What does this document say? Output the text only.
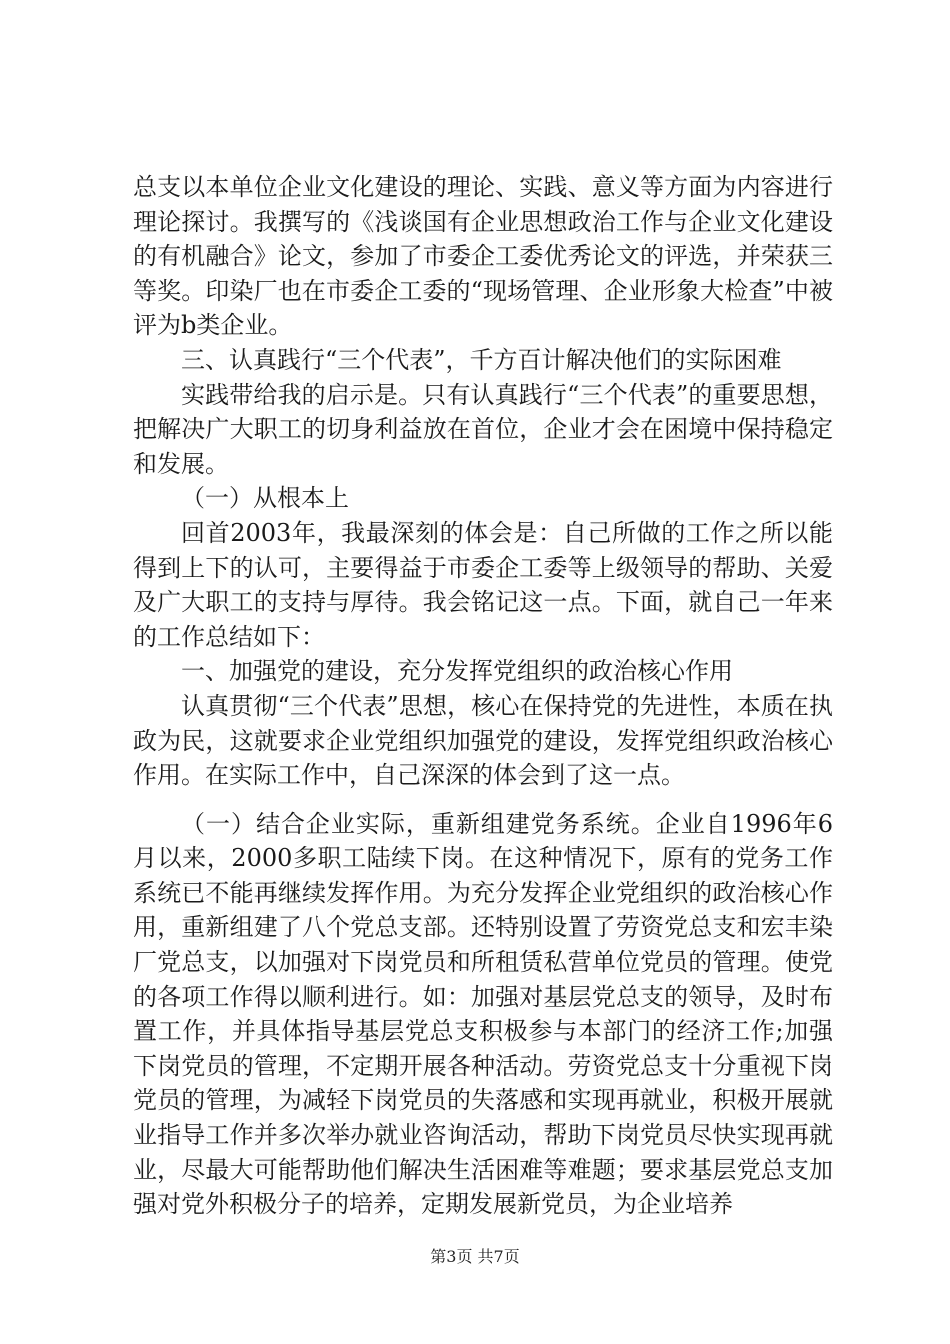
总支以本单位企业文化建设的理论、实践、意义等方面为内容进行理论探讨。我撰写的《浅谈国有企业思想政治工作与企业文化建设的有机融合》论文，参加了市委企工委优秀论文的评选，并荣获三等奖。印染厂也在市委企工委的“现场管理、企业形象大检查”中被评为b类企业。

三、认真践行“三个代表”，千方百计解决他们的实际困难

实践带给我的启示是。只有认真践行“三个代表”的重要思想，把解决广大职工的切身利益放在首位，企业才会在困境中保持稳定和发展。

（一）从根本上

回首2003年，我最深刻的体会是：自己所做的工作之所以能得到上下的认可，主要得益于市委企工委等上级领导的帮助、关爱及广大职工的支持与厚待。我会铭记这一点。下面，就自己一年来的工作总结如下：

一、加强党的建设，充分发挥党组织的政治核心作用

认真贯彻“三个代表”思想，核心在保持党的先进性，本质在执政为民，这就要求企业党组织加强党的建设，发挥党组织政治核心作用。在实际工作中，自己深深的体会到了这一点。

（一）结合企业实际，重新组建党务系统。企业自1996年6月以来，2000多职工陆续下岗。在这种情况下，原有的党务工作系统已不能再继续发挥作用。为充分发挥企业党组织的政治核心作用，重新组建了八个党总支部。还特别设置了劳资党总支和宏丰染厂党总支，以加强对下岗党员和所租赁私营单位党员的管理。使党的各项工作得以顺利进行。如：加强对基层党总支的领导，及时布置工作，并具体指导基层党总支积极参与本部门的经济工作;加强下岗党员的管理，不定期开展各种活动。劳资党总支十分重视下岗党员的管理，为减轻下岗党员的失落感和实现再就业，积极开展就业指导工作并多次举办就业咨询活动，帮助下岗党员尽快实现再就业，尽最大可能帮助他们解决生活困难等难题；要求基层党总支加强对党外积极分子的培养，定期发展新党员，为企业培养

第3页 共7页
